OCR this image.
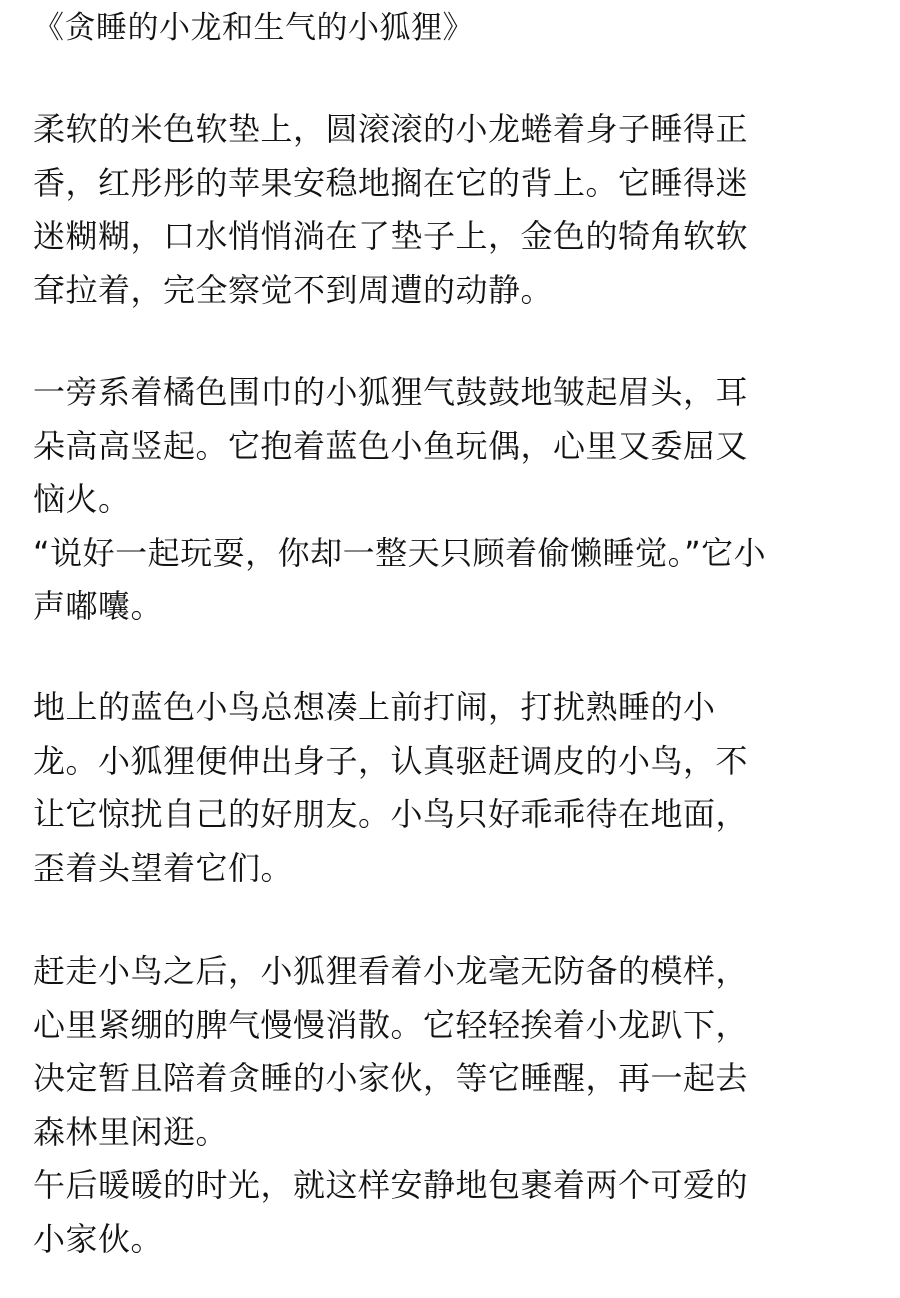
《贪睡的小龙和生气的小狐狸》
柔软的米色软垫上，圆滚滚的小龙蜷着身子睡得正
香，红彤彤的苹果安稳地搁在它的背上。它睡得迷
迷糊糊，口水悄悄淌在了垫子上，金色的犄角软软
耷拉着，完全察觉不到周遭的动静。
一旁系着橘色围巾的小狐狸气鼓鼓地皱起眉头，耳
朵高高竖起。它抱着蓝色小鱼玩偶，心里又委屈又
恼火。
“说好一起玩耍，你却一整天只顾着偷懒睡觉。”它小
声嘟囔。
地上的蓝色小鸟总想凑上前打闹，打扰熟睡的小
龙。小狐狸便伸出身子，认真驱赶调皮的小鸟，不
让它惊扰自己的好朋友。小鸟只好乖乖待在地面，
歪着头望着它们。
赶走小鸟之后，小狐狸看着小龙毫无防备的模样，
心里紧绷的脾气慢慢消散。它轻轻挨着小龙趴下，
决定暂且陪着贪睡的小家伙，等它睡醒，再一起去
森林里闲逛。
午后暖暖的时光，就这样安静地包裹着两个可爱的
小家伙。
